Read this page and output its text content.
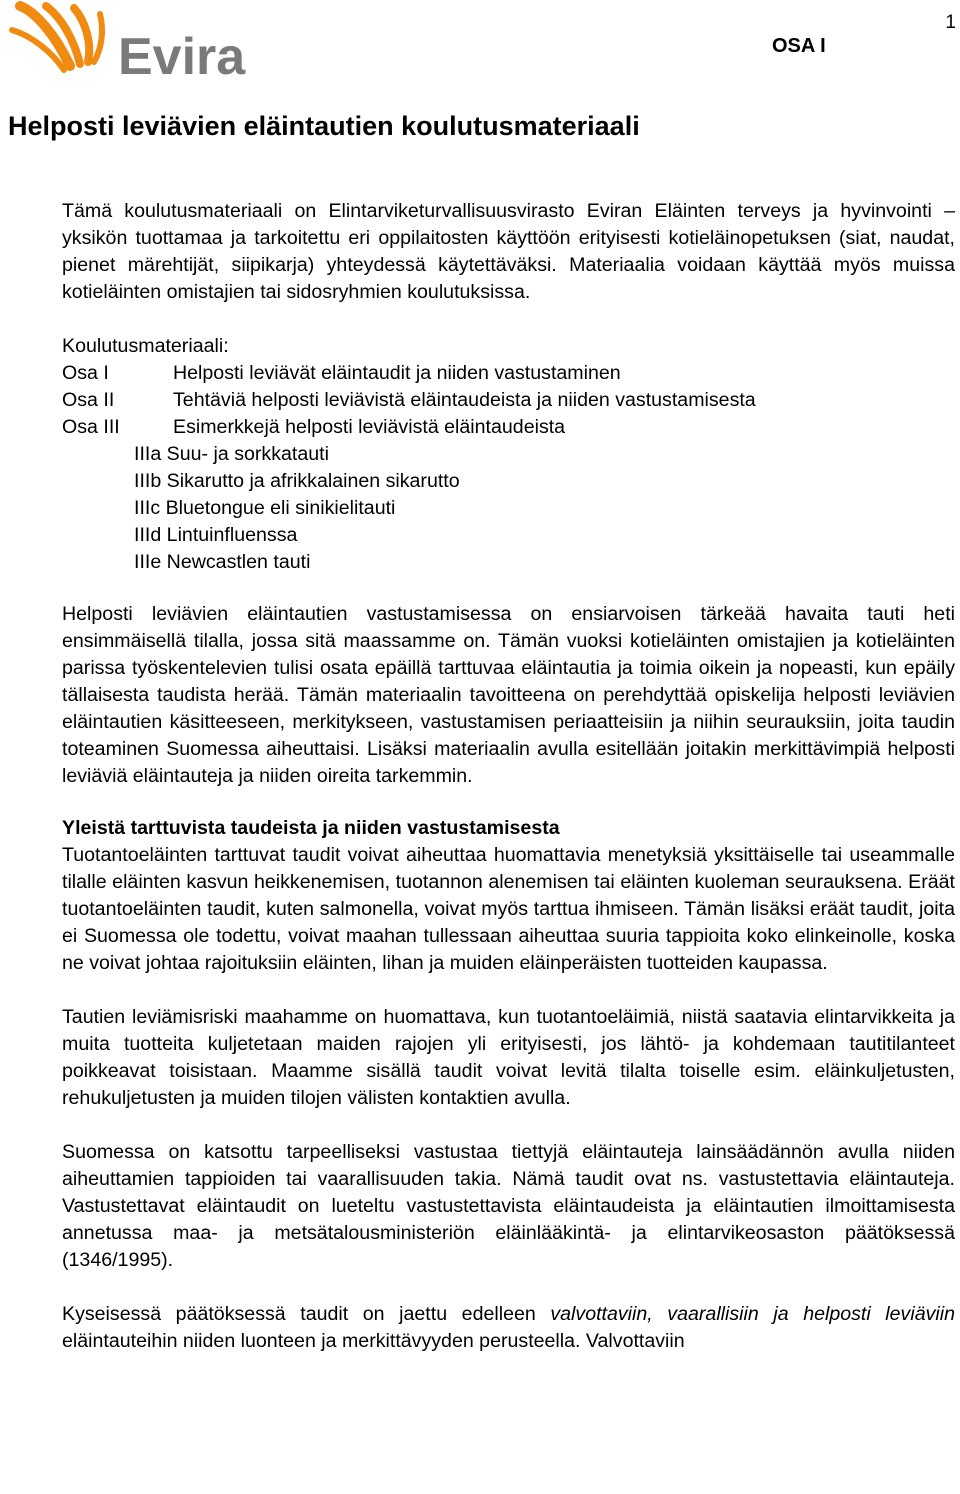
Evira
1
OSA I
Helposti leviävien eläintautien koulutusmateriaali

Tämä koulutusmateriaali on Elintarviketurvallisuusvirasto Eviran Eläinten terveys ja hyvinvointi –yksikön tuottamaa ja tarkoitettu eri oppilaitosten käyttöön erityisesti kotieläinopetuksen (siat, naudat, pienet märehtijät, siipikarja) yhteydessä käytettäväksi. Materiaalia voidaan käyttää myös muissa kotieläinten omistajien tai sidosryhmien koulutuksissa.

Koulutusmateriaali:
Osa I	Helposti leviävät eläintaudit ja niiden vastustaminen
Osa II	Tehtäviä helposti leviävistä eläintaudeista ja niiden vastustamisesta
Osa III	Esimerkkejä helposti leviävistä eläintaudeista
IIIa Suu- ja sorkkatauti
IIIb Sikarutto ja afrikkalainen sikarutto
IIIc Bluetongue eli sinikielitauti
IIId Lintuinfluenssa
IIIe Newcastlen tauti

Helposti leviävien eläintautien vastustamisessa on ensiarvoisen tärkeää havaita tauti heti ensimmäisellä tilalla, jossa sitä maassamme on. Tämän vuoksi kotieläinten omistajien ja kotieläinten parissa työskentelevien tulisi osata epäillä tarttuvaa eläintautia ja toimia oikein ja nopeasti, kun epäily tällaisesta taudista herää. Tämän materiaalin tavoitteena on perehdyttää opiskelija helposti leviävien eläintautien käsitteeseen, merkitykseen, vastustamisen periaatteisiin ja niihin seurauksiin, joita taudin toteaminen Suomessa aiheuttaisi. Lisäksi materiaalin avulla esitellään joitakin merkittävimpiä helposti leviäviä eläintauteja ja niiden oireita tarkemmin.

Yleistä tarttuvista taudeista ja niiden vastustamisesta

Tuotantoeläinten tarttuvat taudit voivat aiheuttaa huomattavia menetyksiä yksittäiselle tai useammalle tilalle eläinten kasvun heikkenemisen, tuotannon alenemisen tai eläinten kuoleman seurauksena. Eräät tuotantoeläinten taudit, kuten salmonella, voivat myös tarttua ihmiseen. Tämän lisäksi eräät taudit, joita ei Suomessa ole todettu, voivat maahan tullessaan aiheuttaa suuria tappioita koko elinkeinolle, koska ne voivat johtaa rajoituksiin eläinten, lihan ja muiden eläinperäisten tuotteiden kaupassa.

Tautien leviämisriski maahamme on huomattava, kun tuotantoeläimiä, niistä saatavia elintarvikkeita ja muita tuotteita kuljetetaan maiden rajojen yli erityisesti, jos lähtö- ja kohdemaan tautitilanteet poikkeavat toisistaan. Maamme sisällä taudit voivat levitä tilalta toiselle esim. eläinkuljetusten, rehukuljetusten ja muiden tilojen välisten kontaktien avulla.

Suomessa on katsottu tarpeelliseksi vastustaa tiettyjä eläintauteja lainsäädännön avulla niiden aiheuttamien tappioiden tai vaarallisuuden takia. Nämä taudit ovat ns. vastustettavia eläintauteja. Vastustettavat eläintaudit on lueteltu vastustettavista eläintaudeista ja eläintautien ilmoittamisesta annetussa maa- ja metsätalousministeriön eläinlääkintä- ja elintarvikeosaston päätöksessä (1346/1995).

Kyseisessä päätöksessä taudit on jaettu edelleen valvottaviin, vaarallisiin ja helposti leviäviin eläintauteihin niiden luonteen ja merkittävyyden perusteella. Valvottaviin
